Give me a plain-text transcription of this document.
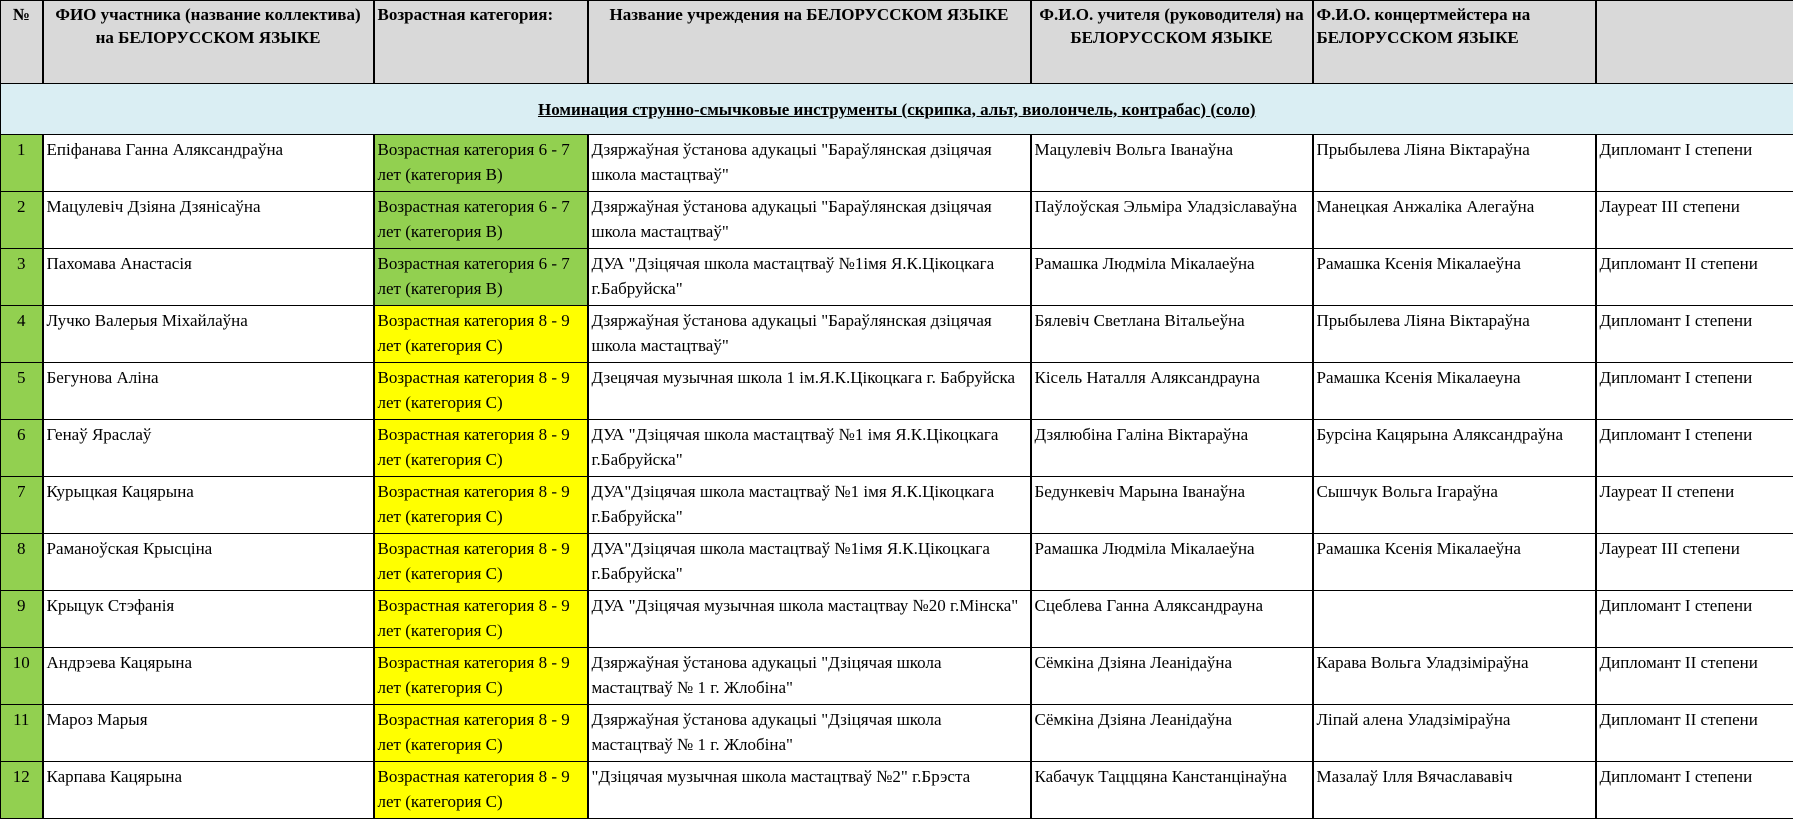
№	ФИО участника (название коллектива) на БЕЛОРУССКОМ ЯЗЫКЕ	Возрастная категория:	Название учреждения на БЕЛОРУССКОМ ЯЗЫКЕ	Ф.И.О. учителя (руководителя) на БЕЛОРУССКОМ ЯЗЫКЕ	Ф.И.О. концертмейстера на БЕЛОРУССКОМ ЯЗЫКЕ	
Номинация струнно-смычковые инструменты (скрипка, альт, виолончель, контрабас) (соло)						
1	Епіфанава Ганна Аляксандраўна	Возрастная категория 6 - 7 лет (категория B)	Дзяржаўная ўстанова адукацыі "Бараўлянская дзіцячая школа мастацтваў"	Мацулевіч Вольга Іванаўна	Прыбылева Ліяна Віктараўна	Дипломант I степени
2	Мацулевіч Дзіяна Дзянісаўна	Возрастная категория 6 - 7 лет (категория B)	Дзяржаўная ўстанова адукацыі "Бараўлянская дзіцячая школа мастацтваў"	Паўлоўская Эльміра Уладзіславаўна	Манецкая Анжаліка Алегаўна	Лауреат III степени
3	Пахомава Анастасія	Возрастная категория 6 - 7 лет (категория B)	ДУА "Дзіцячая школа мастацтваў №1імя Я.К.Цікоцкага г.Бабруйска"	Рамашка Людміла Мікалаеўна	Рамашка Ксенія Мікалаеўна	Дипломант II степени
4	Лучко Валерыя Міхайлаўна	Возрастная категория 8 - 9 лет (категория C)	Дзяржаўная ўстанова адукацыі "Бараўлянская дзіцячая школа мастацтваў"	Бялевіч Светлана Вітальеўна	Прыбылева Ліяна Віктараўна	Дипломант I степени
5	Бегунова Аліна	Возрастная категория 8 - 9 лет (категория C)	Дзецячая музычная школа 1 ім.Я.К.Цікоцкага г. Бабруйска	Кісель Наталля Аляксандрауна	Рамашка Ксенія Мікалаеуна	Дипломант I степени
6	Генаў Яраслаў	Возрастная категория 8 - 9 лет (категория C)	ДУА "Дзіцячая школа мастацтваў №1 імя Я.К.Цікоцкага г.Бабруйска"	Дзялюбіна Галіна Віктараўна	Бурсіна Кацярына Аляксандраўна	Дипломант I степени
7	Курыцкая Кацярына	Возрастная категория 8 - 9 лет (категория C)	ДУА"Дзіцячая школа мастацтваў №1 імя Я.К.Цікоцкага г.Бабруйска"	Бедункевіч Марына Іванаўна	Сышчук Вольга Ігараўна	Лауреат II степени
8	Раманоўская Крысціна	Возрастная категория 8 - 9 лет (категория C)	ДУА"Дзіцячая школа мастацтваў №1імя Я.К.Цікоцкага г.Бабруйска"	Рамашка Людміла Мікалаеўна	Рамашка Ксенія Мікалаеўна	Лауреат III степени
9	Крыцук Стэфанія	Возрастная категория 8 - 9 лет (категория C)	ДУА "Дзіцячая музычная школа мастацтвау №20 г.Мінска"	Сцеблева Ганна Аляксандрауна		Дипломант I степени
10	Андрэева Кацярына	Возрастная категория 8 - 9 лет (категория C)	Дзяржаўная ўстанова адукацыі "Дзіцячая школа мастацтваў № 1 г. Жлобіна"	Сёмкіна Дзіяна Леанідаўна	Карава Вольга Уладзіміраўна	Дипломант II степени
11	Мароз Марыя	Возрастная категория 8 - 9 лет (категория C)	Дзяржаўная ўстанова адукацыі "Дзіцячая школа мастацтваў № 1 г. Жлобіна"	Сёмкіна Дзіяна Леанідаўна	Ліпай алена Уладзіміраўна	Дипломант II степени
12	Карпава Кацярына	Возрастная категория 8 - 9 лет (категория C)	"Дзіцячая музычная школа мастацтваў №2" г.Брэста	Кабачук Тацццяна Канстанцінаўна	Мазалаў Ілля Вячаслававіч	Дипломант I степени
